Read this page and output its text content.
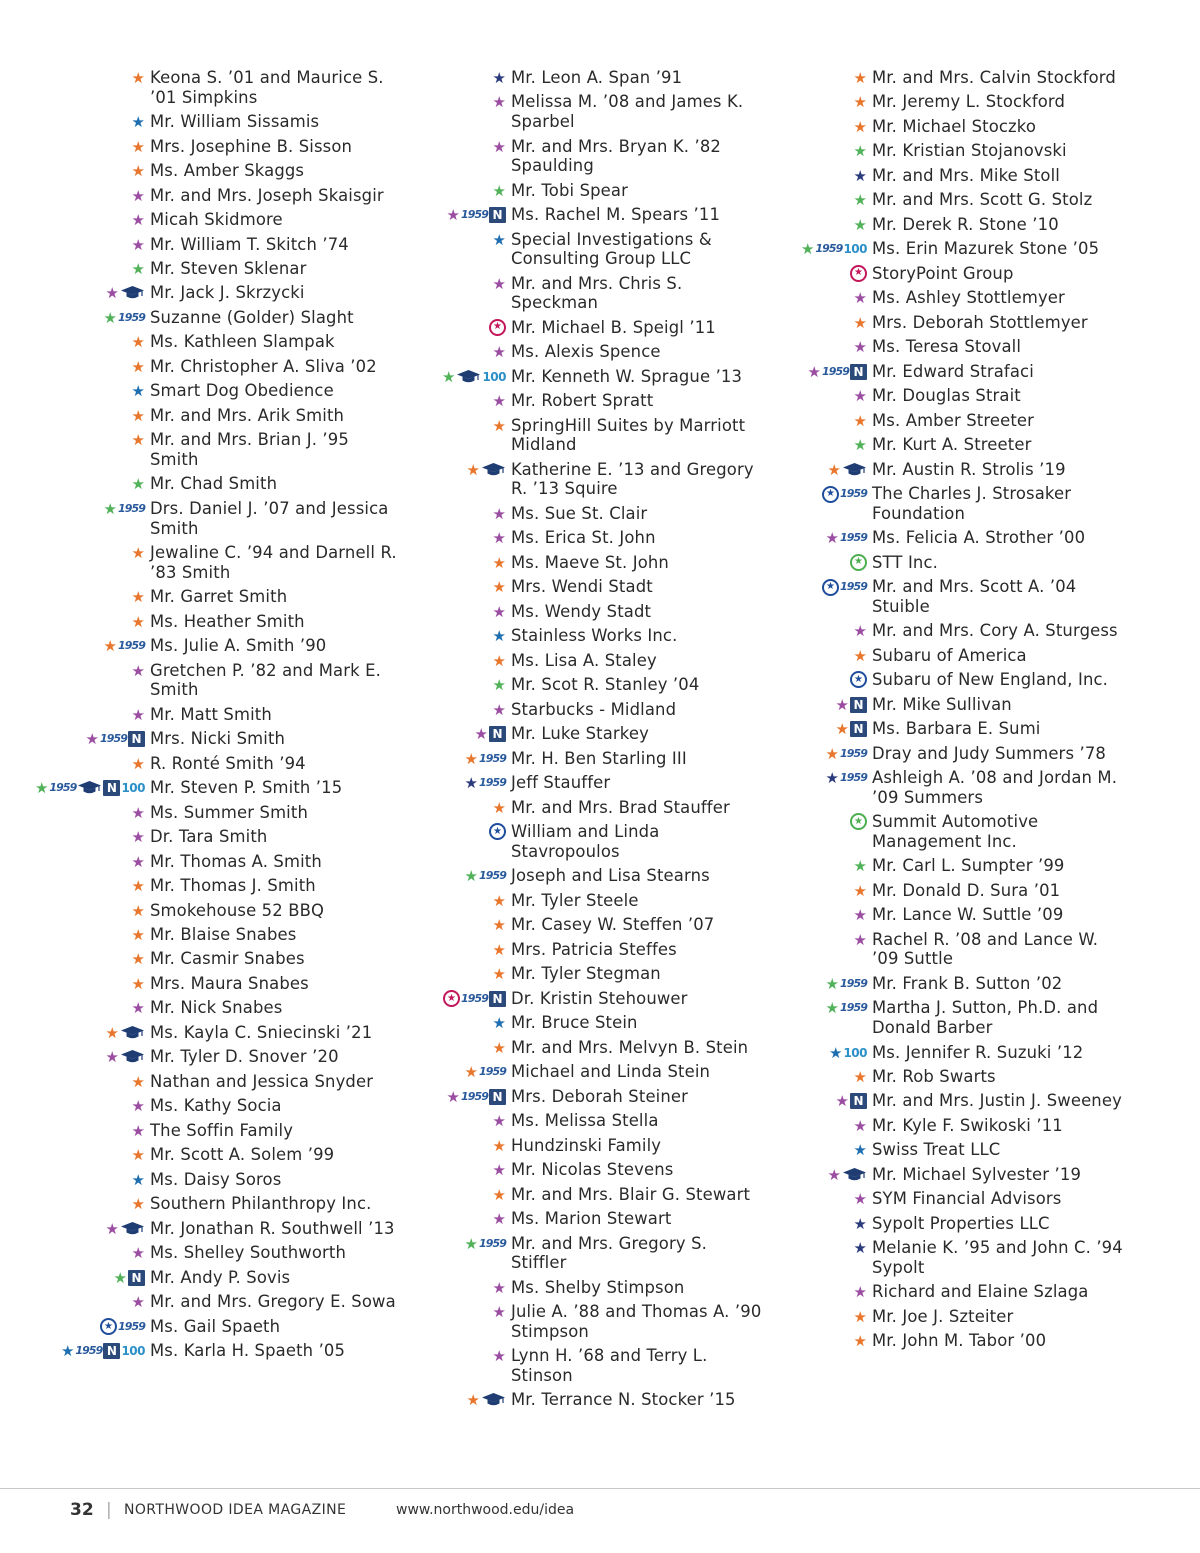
★ Keona S. ’01 and Maurice S. ’01 Simpkins
★ Mr. William Sissamis
★ Mrs. Josephine B. Sisson
★ Ms. Amber Skaggs
★ Mr. and Mrs. Joseph Skaisgir
★ Micah Skidmore
★ Mr. William T. Skitch ’74
★ Mr. Steven Sklenar
★ Mr. Jack J. Skrzycki
★ 1959 Suzanne (Golder) Slaght
★ Ms. Kathleen Slampak
★ Mr. Christopher A. Sliva ’02
★ Smart Dog Obedience
★ Mr. and Mrs. Arik Smith
★ Mr. and Mrs. Brian J. ’95 Smith
★ Mr. Chad Smith
★ 1959 Drs. Daniel J. ’07 and Jessica Smith
★ Jewaline C. ’94 and Darnell R. ’83 Smith
★ Mr. Garret Smith
★ Ms. Heather Smith
★ 1959 Ms. Julie A. Smith ’90
★ Gretchen P. ’82 and Mark E. Smith
★ Mr. Matt Smith
★ 1959 N Mrs. Nicki Smith
★ R. Ronté Smith ’94
★ 1959	N 100 Mr. Steven P. Smith ’15
★ Ms. Summer Smith
★ Dr. Tara Smith
★ Mr. Thomas A. Smith
★ Mr. Thomas J. Smith
★ Smokehouse 52 BBQ
★ Mr. Blaise Snabes
★ Mr. Casmir Snabes
★ Mrs. Maura Snabes
★ Mr. Nick Snabes
★ Ms. Kayla C. Sniecinski ’21
★ Mr. Tyler D. Snover ’20
★ Nathan and Jessica Snyder
★ Ms. Kathy Socia
★ The Soffin Family
★ Mr. Scott A. Solem ’99
★ Ms. Daisy Soros
★ Southern Philanthropy Inc.
★ Mr. Jonathan R. Southwell ’13
★ Ms. Shelley Southworth
★ N Mr. Andy P. Sovis
★ Mr. and Mrs. Gregory E. Sowa
★ 1959 Ms. Gail Spaeth
★ 1959 N 100 Ms. Karla H. Spaeth ’05
★ Mr. Leon A. Span ’91
★ Melissa M. ’08 and James K. Sparbel
★ Mr. and Mrs. Bryan K. ’82 Spaulding
★ Mr. Tobi Spear
★ 1959 N Ms. Rachel M. Spears ’11
★ Special Investigations & Consulting Group LLC
★ Mr. and Mrs. Chris S. Speckman
★ Mr. Michael B. Speigl ’11
★ Ms. Alexis Spence
★ 100 Mr. Kenneth W. Sprague ’13
★ Mr. Robert Spratt
★ SpringHill Suites by Marriott Midland
★ Katherine E. ’13 and Gregory R. ’13 Squire
★ Ms. Sue St. Clair
★ Ms. Erica St. John
★ Ms. Maeve St. John
★ Mrs. Wendi Stadt
★ Ms. Wendy Stadt
★ Stainless Works Inc.
★ Ms. Lisa A. Staley
★ Mr. Scot R. Stanley ’04
★ Starbucks - Midland
★ N Mr. Luke Starkey
★ 1959 Mr. H. Ben Starling III
★ 1959 Jeff Stauffer
★ Mr. and Mrs. Brad Stauffer
★ William and Linda Stavropoulos
★ 1959 Joseph and Lisa Stearns
★ Mr. Tyler Steele
★ Mr. Casey W. Steffen ’07
★ Mrs. Patricia Steffes
★ Mr. Tyler Stegman
★ 1959 N Dr. Kristin Stehouwer
★ Mr. Bruce Stein
★ Mr. and Mrs. Melvyn B. Stein
★ 1959 Michael and Linda Stein
★ 1959 N Mrs. Deborah Steiner
★ Ms. Melissa Stella
★ Hundzinski Family
★ Mr. Nicolas Stevens
★ Mr. and Mrs. Blair G. Stewart
★ Ms. Marion Stewart
★ 1959 Mr. and Mrs. Gregory S. Stiffler
★ Ms. Shelby Stimpson
★ Julie A. ’88 and Thomas A. ’90 Stimpson
★ Lynn H. ’68 and Terry L. Stinson
★ Mr. Terrance N. Stocker ’15
★ Mr. and Mrs. Calvin Stockford
★ Mr. Jeremy L. Stockford
★ Mr. Michael Stoczko
★ Mr. Kristian Stojanovski
★ Mr. and Mrs. Mike Stoll
★ Mr. and Mrs. Scott G. Stolz
★ Mr. Derek R. Stone ’10
★ 1959 100 Ms. Erin Mazurek Stone ’05
★ StoryPoint Group
★ Ms. Ashley Stottlemyer
★ Mrs. Deborah Stottlemyer
★ Ms. Teresa Stovall
★ 1959 N Mr. Edward Strafaci
★ Mr. Douglas Strait
★ Ms. Amber Streeter
★ Mr. Kurt A. Streeter
★ Mr. Austin R. Strolis ’19
★ 1959 The Charles J. Strosaker Foundation
★ 1959 Ms. Felicia A. Strother ’00
★ STT Inc.
★ 1959 Mr. and Mrs. Scott A. ’04 Stuible
★ Mr. and Mrs. Cory A. Sturgess
★ Subaru of America
★ Subaru of New England, Inc.
★ N Mr. Mike Sullivan
★ N Ms. Barbara E. Sumi
★ 1959 Dray and Judy Summers ’78
★ 1959 Ashleigh A. ’08 and Jordan M. ’09 Summers
★ Summit Automotive Management Inc.
★ Mr. Carl L. Sumpter ’99
★ Mr. Donald D. Sura ’01
★ Mr. Lance W. Suttle ’09
★ Rachel R. ’08 and Lance W. ’09 Suttle
★ 1959 Mr. Frank B. Sutton ’02
★ 1959 Martha J. Sutton, Ph.D. and Donald Barber
★ 100 Ms. Jennifer R. Suzuki ’12
★ Mr. Rob Swarts
★ N Mr. and Mrs. Justin J. Sweeney
★ Mr. Kyle F. Swikoski ’11
★ Swiss Treat LLC
★ Mr. Michael Sylvester ’19
★ SYM Financial Advisors
★ Sypolt Properties LLC
★ Melanie K. ’95 and John C. ’94 Sypolt
★ Richard and Elaine Szlaga
★ Mr. Joe J. Szteiter
★ Mr. John M. Tabor ’00
32 | NORTHWOOD IDEA MAGAZINE	www.northwood.edu/idea
